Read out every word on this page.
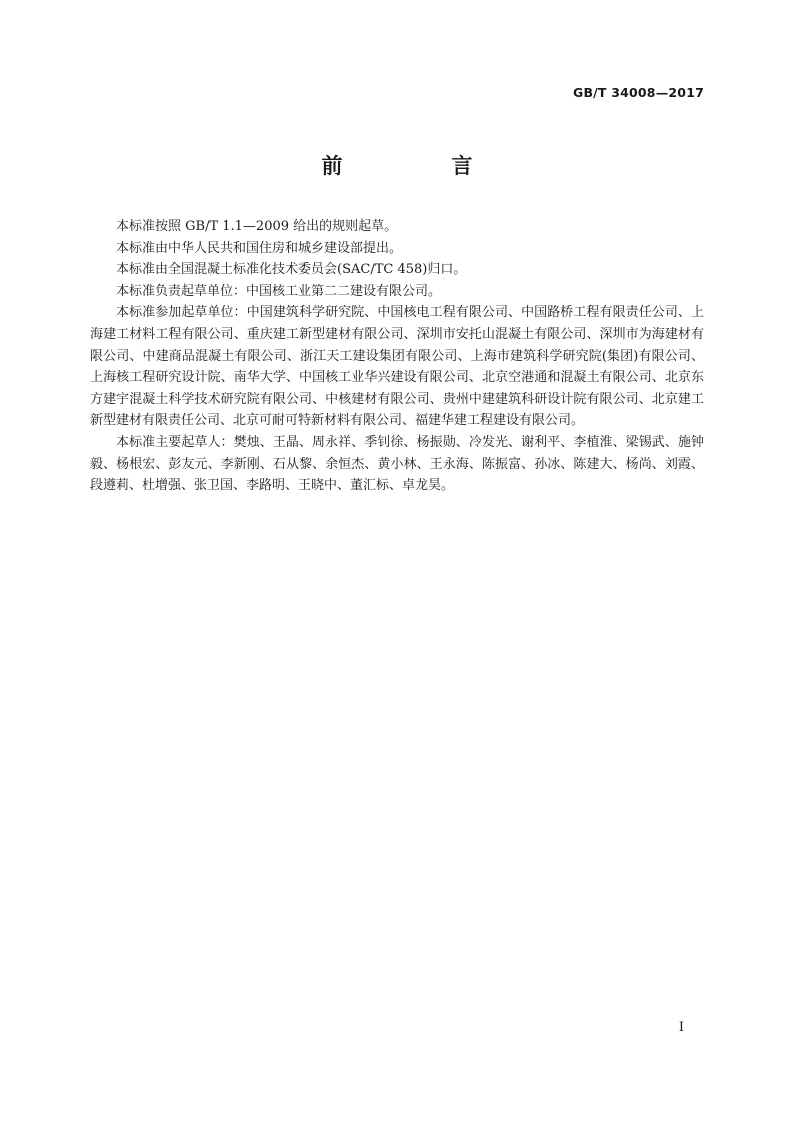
GB/T 34008—2017
前　言

本标准按照 GB/T 1.1—2009 给出的规则起草。

本标准由中华人民共和国住房和城乡建设部提出。

本标准由全国混凝土标准化技术委员会(SAC/TC 458)归口。

本标准负责起草单位：中国核工业第二二建设有限公司。

本标准参加起草单位：中国建筑科学研究院、中国核电工程有限公司、中国路桥工程有限责任公司、上海建工材料工程有限公司、重庆建工新型建材有限公司、深圳市安托山混凝土有限公司、深圳市为海建材有限公司、中建商品混凝土有限公司、浙江天工建设集团有限公司、上海市建筑科学研究院(集团)有限公司、上海核工程研究设计院、南华大学、中国核工业华兴建设有限公司、北京空港通和混凝土有限公司、北京东方建宇混凝土科学技术研究院有限公司、中核建材有限公司、贵州中建建筑科研设计院有限公司、北京建工新型建材有限责任公司、北京可耐可特新材料有限公司、福建华建工程建设有限公司。

本标准主要起草人：樊烛、王晶、周永祥、季钊徐、杨振勋、冷发光、谢利平、李植淮、梁锡武、施钟毅、杨根宏、彭友元、李新刚、石从黎、余恒杰、黄小林、王永海、陈振富、孙冰、陈建大、杨尚、刘霞、段遵莉、杜增强、张卫国、李路明、王晓中、董汇标、卓龙昊。

I
